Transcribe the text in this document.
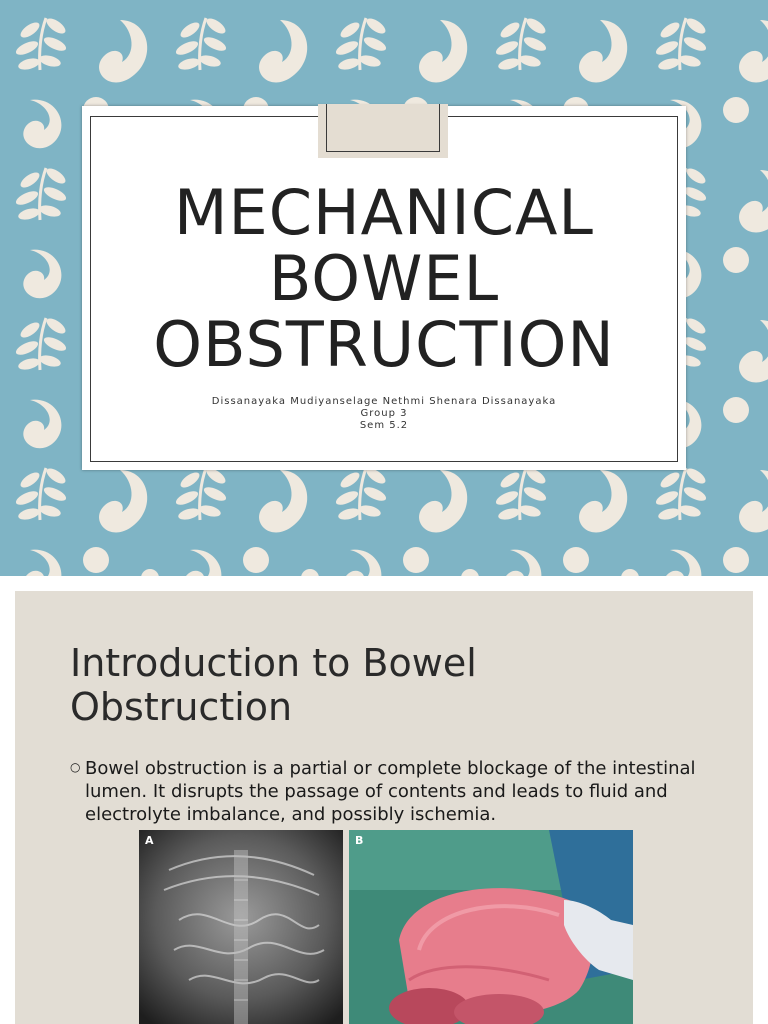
MECHANICAL
BOWEL
OBSTRUCTION
Dissanayaka Mudiyanselage Nethmi Shenara Dissanayaka
Group 3
Sem 5.2
Introduction to Bowel Obstruction
○ Bowel obstruction is a partial or complete blockage of the intestinal lumen. It disrupts the passage of contents and leads to fluid and electrolyte imbalance, and possibly ischemia.
A	B
